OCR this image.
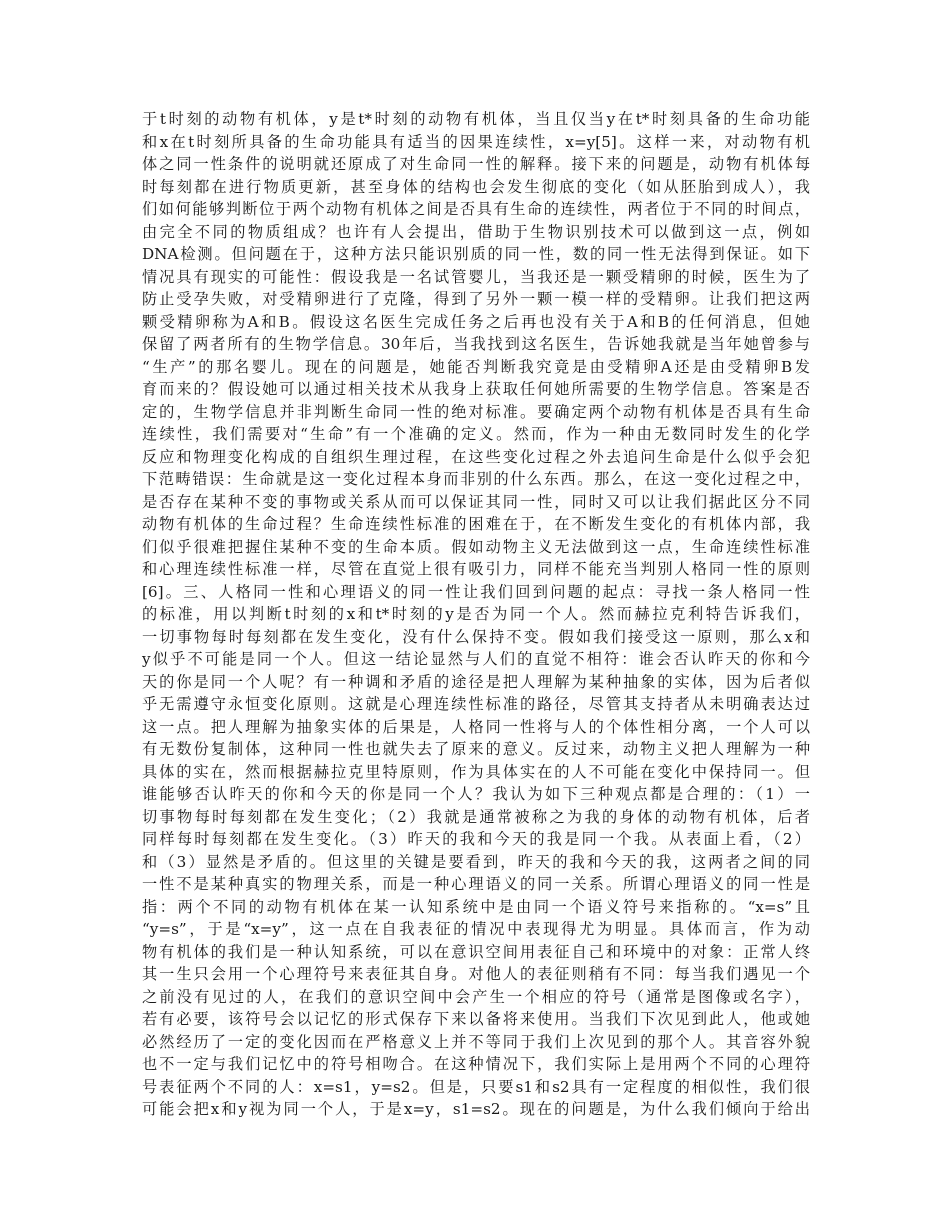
于t时刻的动物有机体，y是t*时刻的动物有机体，当且仅当y在t*时刻具备的生命功能
和x在t时刻所具备的生命功能具有适当的因果连续性，x=y[5]。这样一来，对动物有机
体之同一性条件的说明就还原成了对生命同一性的解释。接下来的问题是，动物有机体每
时每刻都在进行物质更新，甚至身体的结构也会发生彻底的变化（如从胚胎到成人），我
们如何能够判断位于两个动物有机体之间是否具有生命的连续性，两者位于不同的时间点，
由完全不同的物质组成？也许有人会提出，借助于生物识别技术可以做到这一点，例如
DNA检测。但问题在于，这种方法只能识别质的同一性，数的同一性无法得到保证。如下
情况具有现实的可能性：假设我是一名试管婴儿，当我还是一颗受精卵的时候，医生为了
防止受孕失败，对受精卵进行了克隆，得到了另外一颗一模一样的受精卵。让我们把这两
颗受精卵称为A和B。假设这名医生完成任务之后再也没有关于A和B的任何消息，但她
保留了两者所有的生物学信息。30年后，当我找到这名医生，告诉她我就是当年她曾参与
“生产”的那名婴儿。现在的问题是，她能否判断我究竟是由受精卵A还是由受精卵B发
育而来的？假设她可以通过相关技术从我身上获取任何她所需要的生物学信息。答案是否
定的，生物学信息并非判断生命同一性的绝对标准。要确定两个动物有机体是否具有生命
连续性，我们需要对“生命”有一个准确的定义。然而，作为一种由无数同时发生的化学
反应和物理变化构成的自组织生理过程，在这些变化过程之外去追问生命是什么似乎会犯
下范畴错误：生命就是这一变化过程本身而非别的什么东西。那么，在这一变化过程之中，
是否存在某种不变的事物或关系从而可以保证其同一性，同时又可以让我们据此区分不同
动物有机体的生命过程？生命连续性标准的困难在于，在不断发生变化的有机体内部，我
们似乎很难把握住某种不变的生命本质。假如动物主义无法做到这一点，生命连续性标准
和心理连续性标准一样，尽管在直觉上很有吸引力，同样不能充当判别人格同一性的原则
[6]。三、人格同一性和心理语义的同一性让我们回到问题的起点：寻找一条人格同一性
的标准，用以判断t时刻的x和t*时刻的y是否为同一个人。然而赫拉克利特告诉我们，
一切事物每时每刻都在发生变化，没有什么保持不变。假如我们接受这一原则，那么x和
y似乎不可能是同一个人。但这一结论显然与人们的直觉不相符：谁会否认昨天的你和今
天的你是同一个人呢？有一种调和矛盾的途径是把人理解为某种抽象的实体，因为后者似
乎无需遵守永恒变化原则。这就是心理连续性标准的路径，尽管其支持者从未明确表达过
这一点。把人理解为抽象实体的后果是，人格同一性将与人的个体性相分离，一个人可以
有无数份复制体，这种同一性也就失去了原来的意义。反过来，动物主义把人理解为一种
具体的实在，然而根据赫拉克里特原则，作为具体实在的人不可能在变化中保持同一。但
谁能够否认昨天的你和今天的你是同一个人？我认为如下三种观点都是合理的：（1）一
切事物每时每刻都在发生变化；（2）我就是通常被称之为我的身体的动物有机体，后者
同样每时每刻都在发生变化。（3）昨天的我和今天的我是同一个我。从表面上看，（2）
和（3）显然是矛盾的。但这里的关键是要看到，昨天的我和今天的我，这两者之间的同
一性不是某种真实的物理关系，而是一种心理语义的同一关系。所谓心理语义的同一性是
指：两个不同的动物有机体在某一认知系统中是由同一个语义符号来指称的。“x=s”且
“y=s”，于是“x=y”，这一点在自我表征的情况中表现得尤为明显。具体而言，作为动
物有机体的我们是一种认知系统，可以在意识空间用表征自己和环境中的对象：正常人终
其一生只会用一个心理符号来表征其自身。对他人的表征则稍有不同：每当我们遇见一个
之前没有见过的人，在我们的意识空间中会产生一个相应的符号（通常是图像或名字），
若有必要，该符号会以记忆的形式保存下来以备将来使用。当我们下次见到此人，他或她
必然经历了一定的变化因而在严格意义上并不等同于我们上次见到的那个人。其音容外貌
也不一定与我们记忆中的符号相吻合。在这种情况下，我们实际上是用两个不同的心理符
号表征两个不同的人：x=s1，y=s2。但是，只要s1和s2具有一定程度的相似性，我们很
可能会把x和y视为同一个人，于是x=y，s1=s2。现在的问题是，为什么我们倾向于给出
